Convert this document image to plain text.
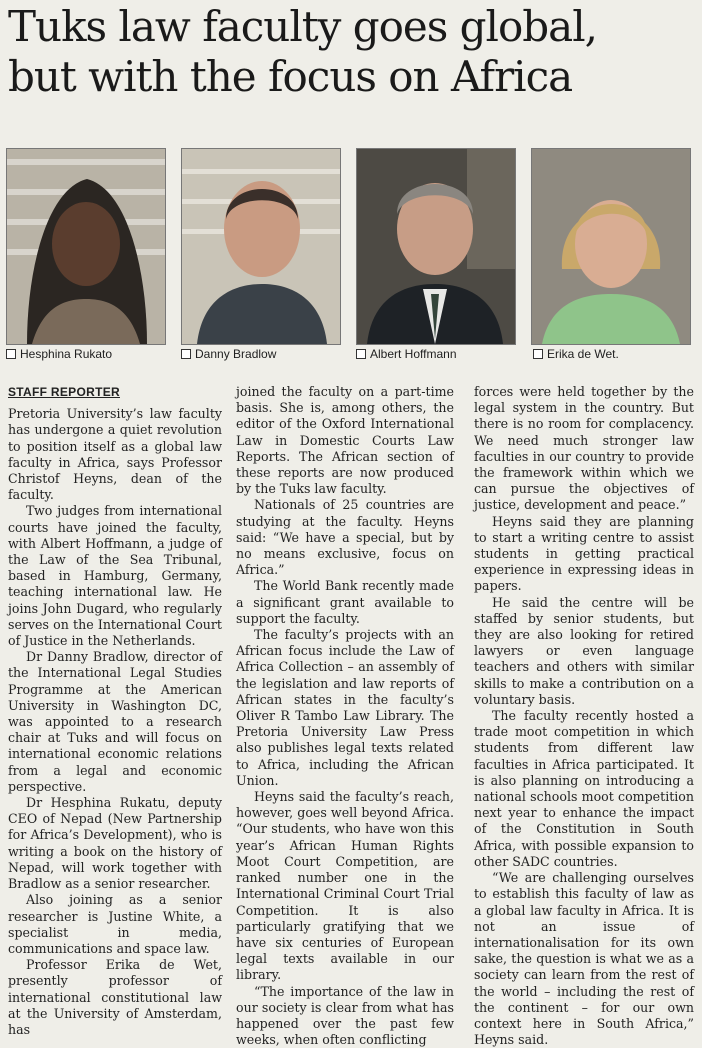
Tuks law faculty goes global,
but with the focus on Africa
Hesphina Rukato	Danny Bradlow	Albert Hoffmann	Erika de Wet.

STAFF REPORTER

Pretoria University’s law faculty has undergone a quiet revolution to position itself as a global law faculty in Africa, says Professor Christof Heyns, dean of the faculty.

Two judges from international courts have joined the faculty, with Albert Hoffmann, a judge of the Law of the Sea Tribunal, based in Hamburg, Germany, teaching international law. He joins John Dugard, who regularly serves on the International Court of Justice in the Netherlands.

Dr Danny Bradlow, director of the International Legal Studies Programme at the American University in Washington DC, was appointed to a research chair at Tuks and will focus on international economic relations from a legal and economic perspective.

Dr Hesphina Rukatu, deputy CEO of Nepad (New Partnership for Africa’s Development), who is writing a book on the history of Nepad, will work together with Bradlow as a senior researcher.

Also joining as a senior researcher is Justine White, a specialist in media, communications and space law.

Professor Erika de Wet, presently professor of international constitutional law at the University of Amsterdam, has

joined the faculty on a part-time basis. She is, among others, the editor of the Oxford International Law in Domestic Courts Law Reports. The African section of these reports are now produced by the Tuks law faculty.

Nationals of 25 countries are studying at the faculty. Heyns said: “We have a special, but by no means exclusive, focus on Africa.”

The World Bank recently made a significant grant available to support the faculty.

The faculty’s projects with an African focus include the Law of Africa Collection – an assembly of the legislation and law reports of African states in the faculty’s Oliver R Tambo Law Library. The Pretoria University Law Press also publishes legal texts related to Africa, including the African Union.

Heyns said the faculty’s reach, however, goes well beyond Africa. “Our students, who have won this year’s African Human Rights Moot Court Competition, are ranked number one in the International Criminal Court Trial Competition. It is also particularly gratifying that we have six centuries of European legal texts available in our library.

“The importance of the law in our society is clear from what has happened over the past few weeks, when often conflicting

forces were held together by the legal system in the country. But there is no room for complacency. We need much stronger law faculties in our country to provide the framework within which we can pursue the objectives of justice, development and peace.”

Heyns said they are planning to start a writing centre to assist students in getting practical experience in expressing ideas in papers.

He said the centre will be staffed by senior students, but they are also looking for retired lawyers or even language teachers and others with similar skills to make a contribution on a voluntary basis.

The faculty recently hosted a trade moot competition in which students from different law faculties in Africa participated. It is also planning on introducing a national schools moot competition next year to enhance the impact of the Constitution in South Africa, with possible expansion to other SADC countries.

“We are challenging ourselves to establish this faculty of law as a global law faculty in Africa. It is not an issue of internationalisation for its own sake, the question is what we as a society can learn from the rest of the world – including the rest of the continent – for our own context here in South Africa,” Heyns said.
